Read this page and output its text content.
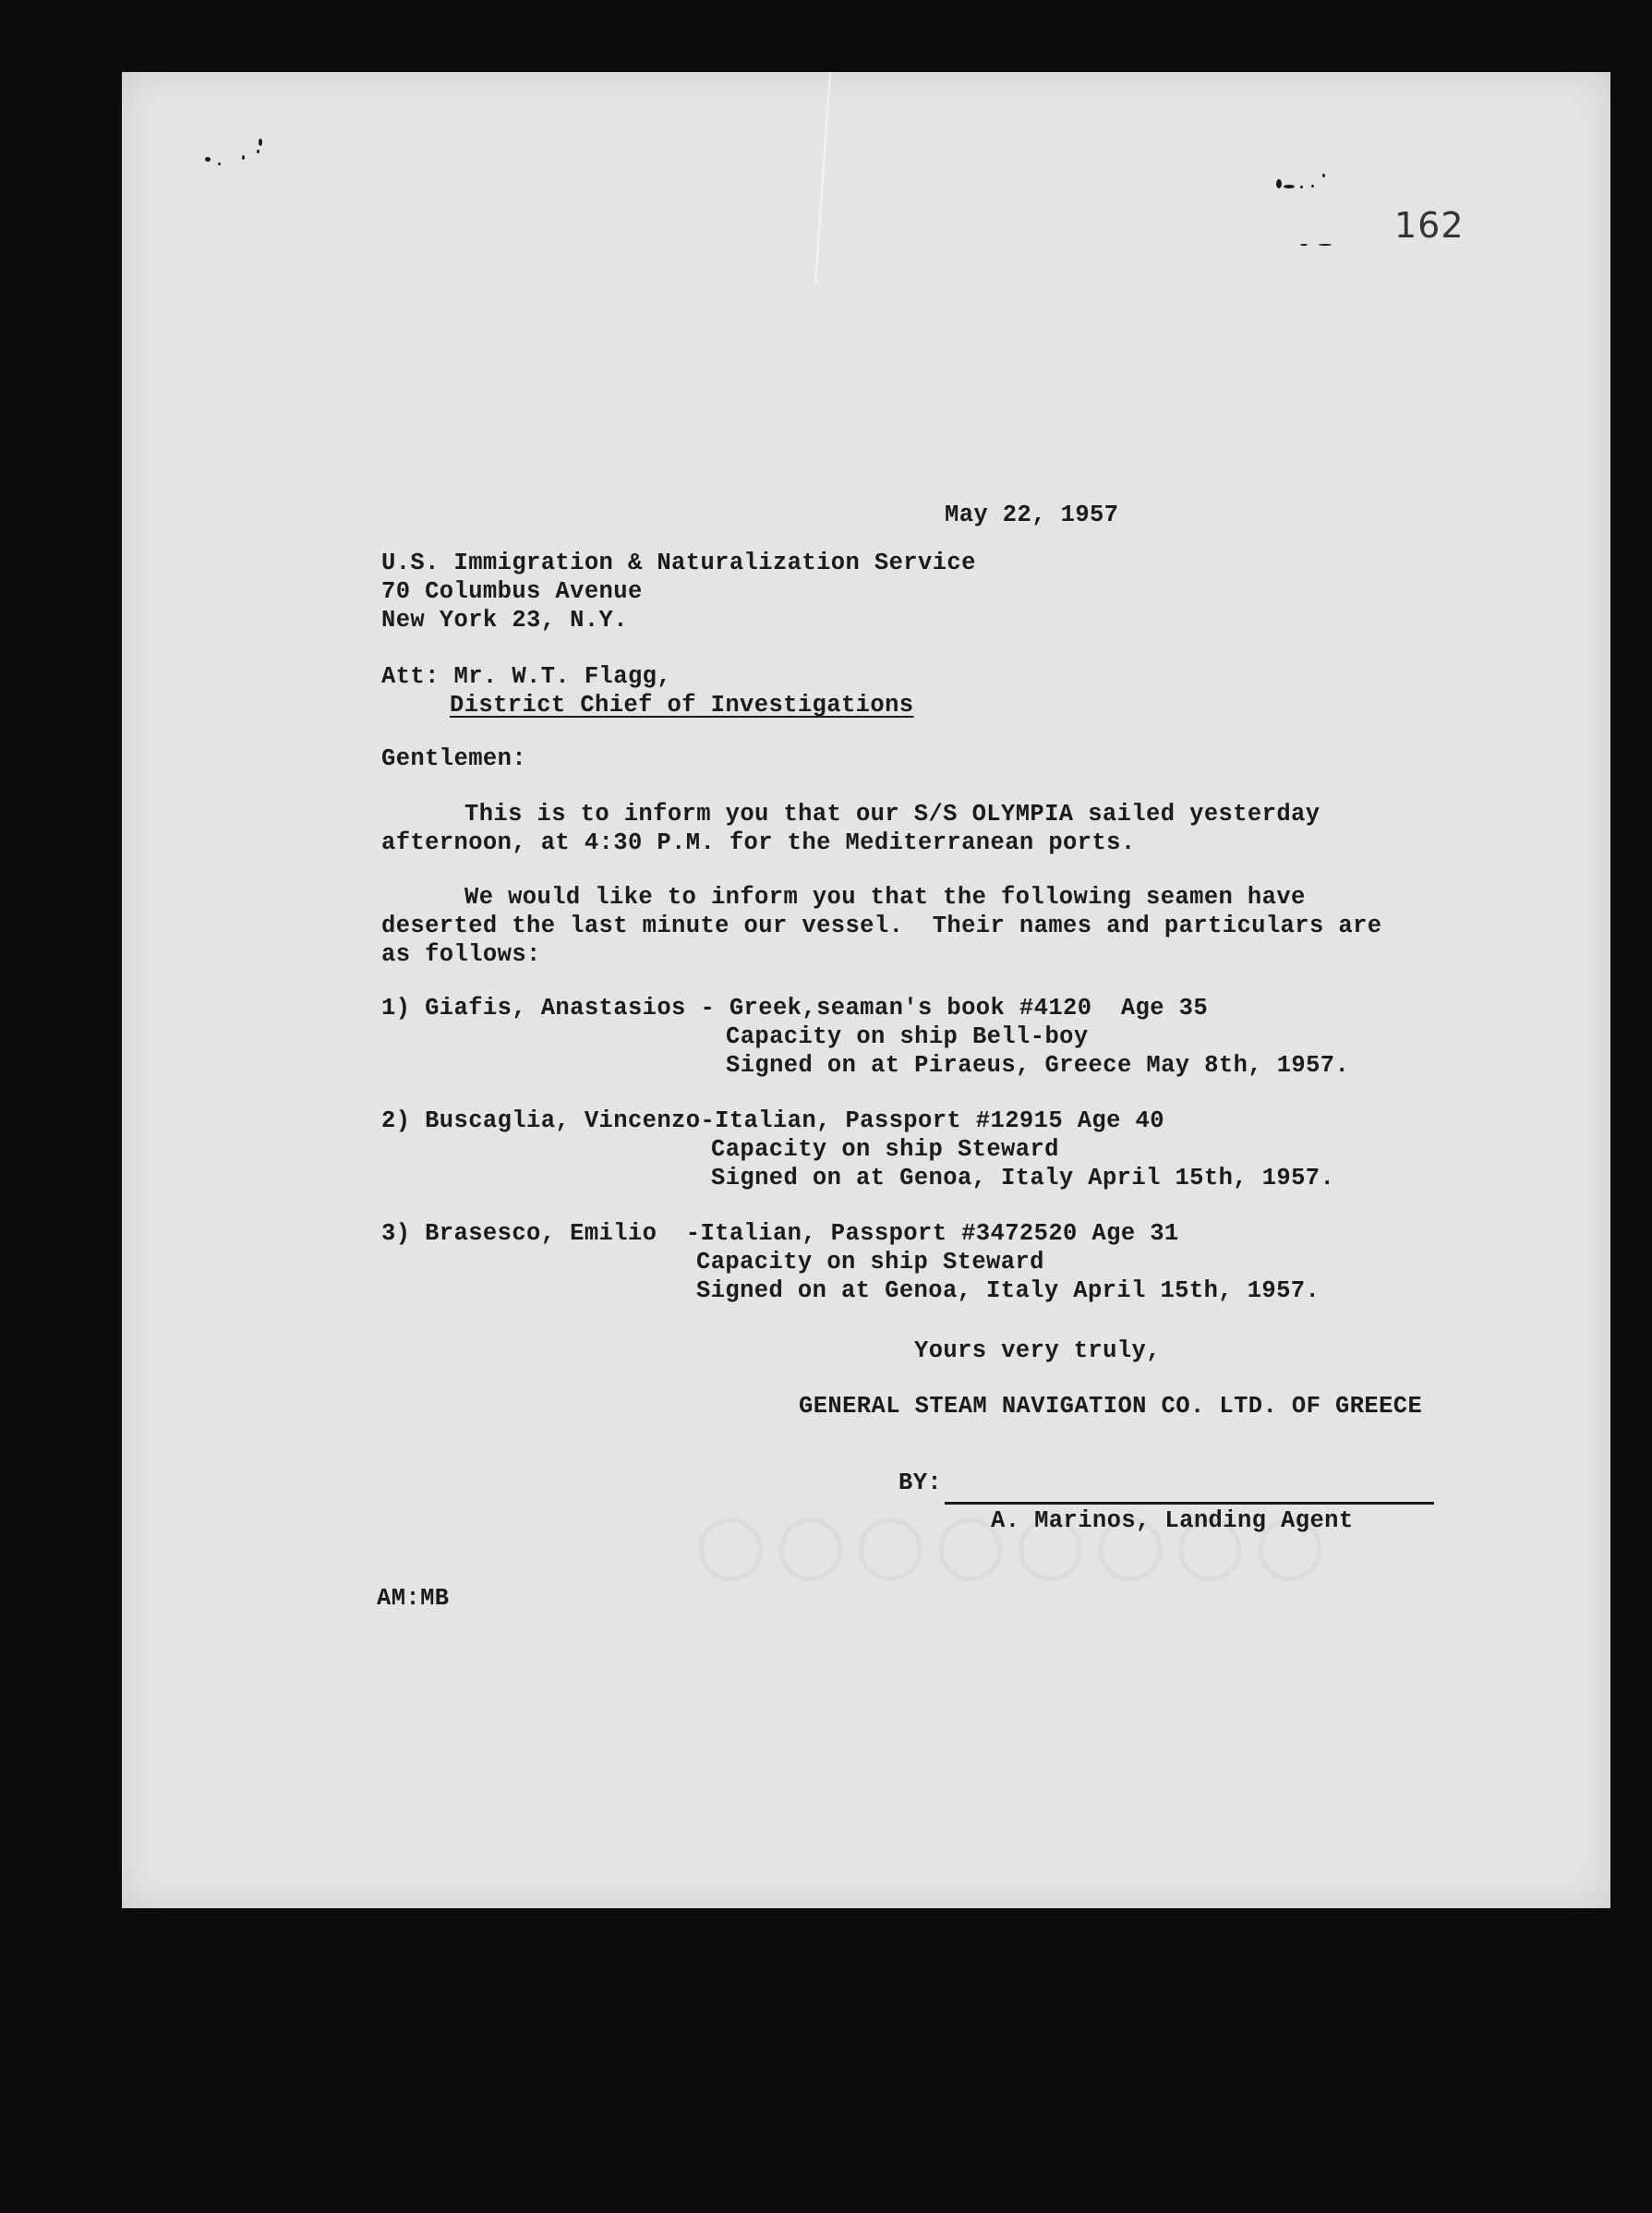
162
May 22, 1957
U.S. Immigration & Naturalization Service
70 Columbus Avenue
New York 23, N.Y.
Att: Mr. W.T. Flagg,
District Chief of Investigations
Gentlemen:
This is to inform you that our S/S OLYMPIA sailed yesterday
afternoon, at 4:30 P.M. for the Mediterranean ports.
We would like to inform you that the following seamen have
deserted the last minute our vessel.  Their names and particulars are
as follows:
1) Giafis, Anastasios - Greek,seaman's book #4120  Age 35
Capacity on ship Bell-boy
Signed on at Piraeus, Greece May 8th, 1957.
2) Buscaglia, Vincenzo-Italian, Passport #12915 Age 40
Capacity on ship Steward
Signed on at Genoa, Italy April 15th, 1957.
3) Brasesco, Emilio  -Italian, Passport #3472520 Age 31
Capacity on ship Steward
Signed on at Genoa, Italy April 15th, 1957.
Yours very truly,
GENERAL STEAM NAVIGATION CO. LTD. OF GREECE
BY:
A. Marinos, Landing Agent
AM:MB
